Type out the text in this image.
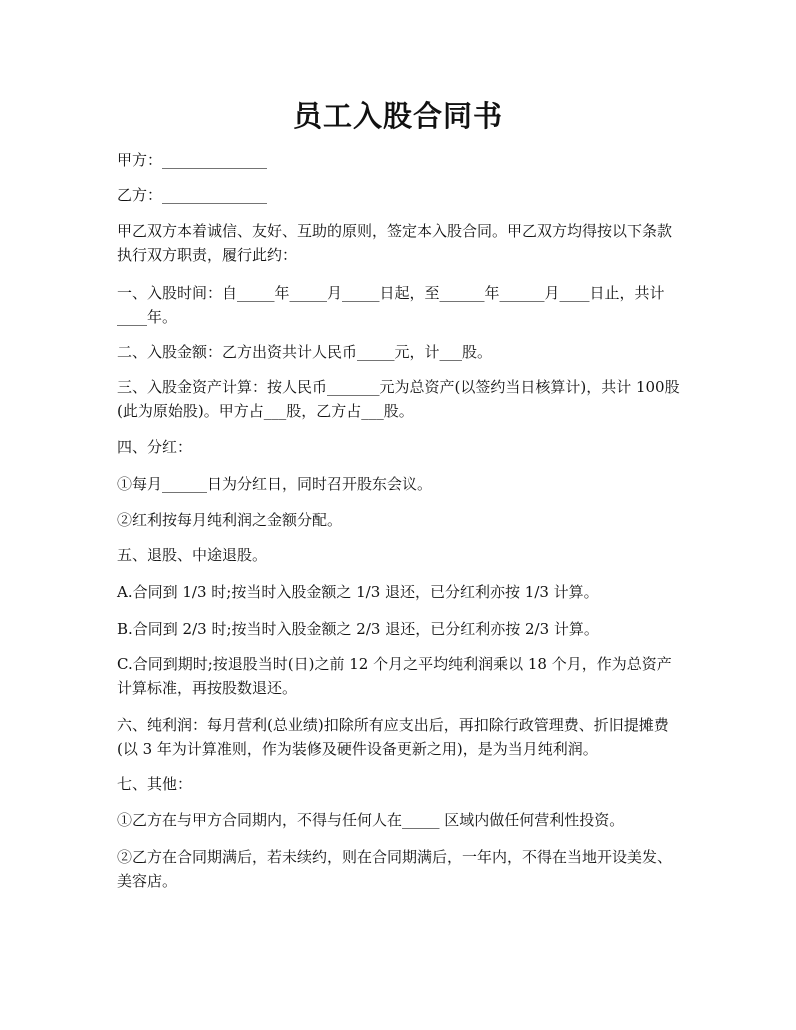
员工入股合同书

甲方：______________

乙方：______________

甲乙双方本着诚信、友好、互助的原则，签定本入股合同。甲乙双方均得按以下条款执行双方职责，履行此约：

一、入股时间：自_____年_____月_____日起，至______年______月____日止，共计____年。

二、入股金额：乙方出资共计人民币_____元，计___股。

三、入股金资产计算：按人民币_______元为总资产(以签约当日核算计)，共计 100股(此为原始股)。甲方占___股，乙方占___股。

四、分红：

①每月______日为分红日，同时召开股东会议。

②红利按每月纯利润之金额分配。

五、退股、中途退股。

A.合同到 1/3 时;按当时入股金额之 1/3 退还，已分红利亦按 1/3 计算。

B.合同到 2/3 时;按当时入股金额之 2/3 退还，已分红利亦按 2/3 计算。

C.合同到期时;按退股当时(日)之前 12 个月之平均纯利润乘以 18 个月，作为总资产计算标准，再按股数退还。

六、纯利润：每月营利(总业绩)扣除所有应支出后，再扣除行政管理费、折旧提摊费(以 3 年为计算准则，作为装修及硬件设备更新之用)，是为当月纯利润。

七、其他：

①乙方在与甲方合同期内，不得与任何人在_____ 区域内做任何营利性投资。

②乙方在合同期满后，若未续约，则在合同期满后，一年内，不得在当地开设美发、美容店。
